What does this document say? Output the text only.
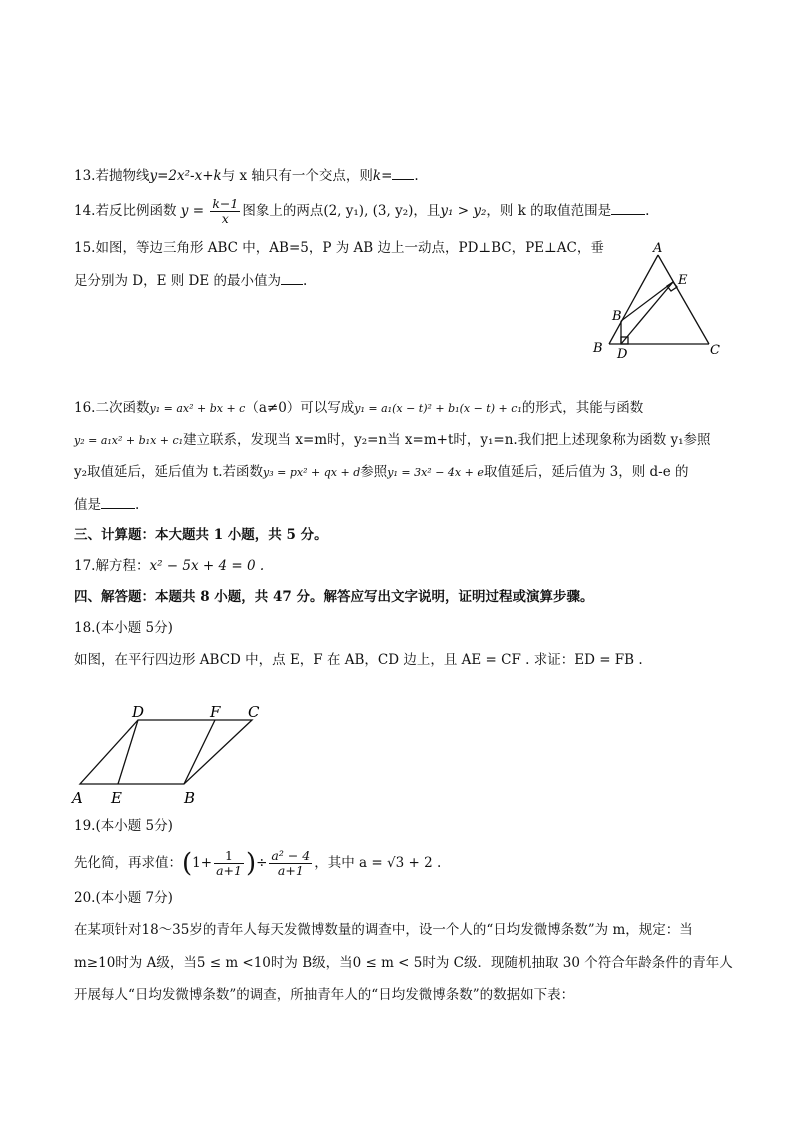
13.若抛物线y=2x²-x+k与 x 轴只有一个交点，则k= .
14.若反比例函数 $y = \frac{k-1}{x}$ 图象上的两点(2, y₁), (3, y₂)，且y₁ > y₂，则 k 的取值范围是	.
15.如图，等边三角形 ABC 中，AB=5，P 为 AB 边上一动点，PD⊥BC，PE⊥AC，垂
足分别为 D，E 则 DE 的最小值为 .
A
E
B
B D	C
16.二次函数y₁ = ax² + bx + c（a≠0）可以写成y₁ = a₁(x − t)² + b₁(x − t) + c₁的形式，其能与函数
y₂ = a₁x² + b₁x + c₁建立联系，发现当 x=m时，y₂=n当 x=m+t时，y₁=n.我们把上述现象称为函数 y₁参照
y₂取值延后，延后值为 t.若函数y₃ = px² + qx + d参照y₁ = 3x² − 4x + e取值延后，延后值为 3，则 d-e 的
值是	.
三、计算题：本大题共 1 小题，共 5 分。
17.解方程：x² − 5x + 4 = 0 .
四、解答题：本题共 8 小题，共 47 分。解答应写出文字说明，证明过程或演算步骤。
18.(本小题 5分)
如图，在平行四边形 ABCD 中，点 E，F 在 AB，CD 边上，且 AE = CF . 求证：ED = FB .
D	F C
A E	B
19.(本小题 5分)
先化简，再求值：($1+ \frac{1}{a+1}$ )÷ $\frac{\text{a² − 4}}{a+1}$ ，其中 a = √3 + 2 .
20.(本小题 7分)
在某项针对18～35岁的青年人每天发微博数量的调查中，设一个人的“日均发微博条数”为 m，规定：当
m≥10时为 A级，当5 ≤ m <10时为 B级，当0 ≤ m < 5时为 C级．现随机抽取 30 个符合年龄条件的青年人
开展每人“日均发微博条数”的调查，所抽青年人的“日均发微博条数”的数据如下表：
